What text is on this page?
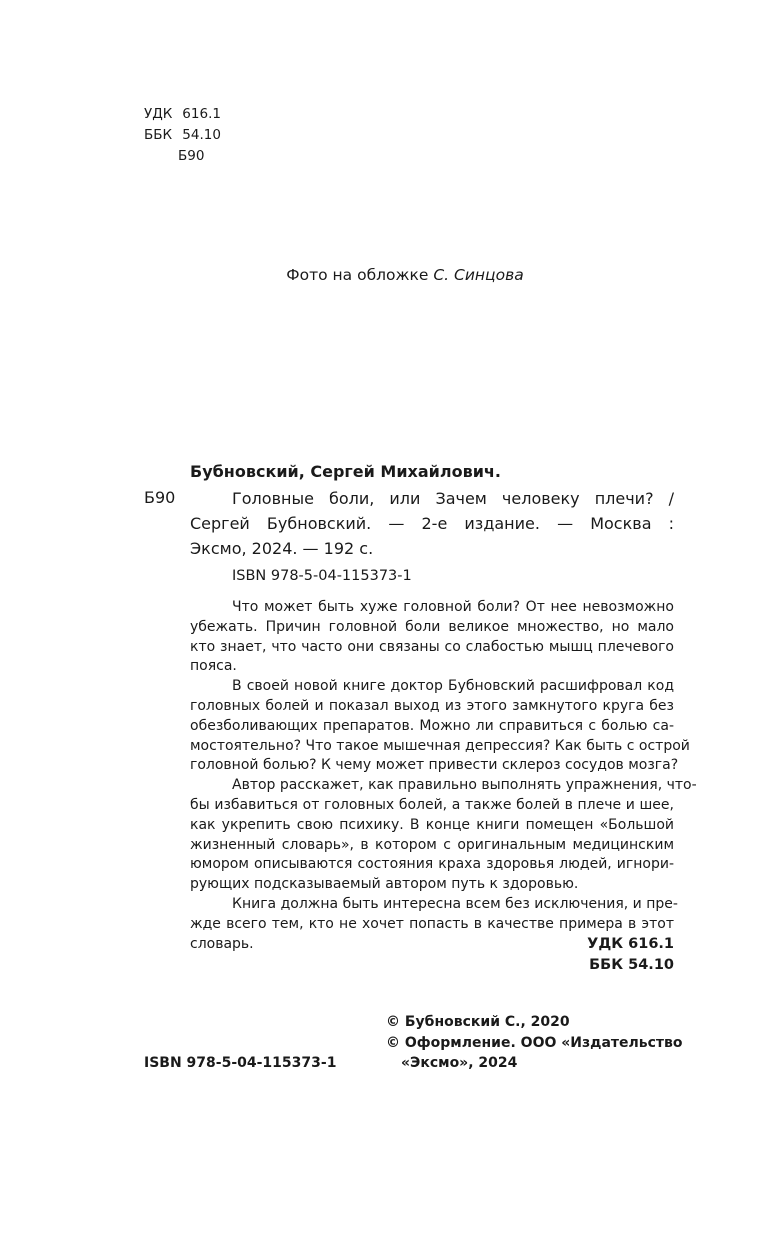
УДК 616.1
ББК 54.10
Б90
Фото на обложке С. Синцова
Бубновский, Сергей Михайлович.
Б90	Головные боли, или Зачем человеку плечи? /
Сергей Бубновский. — 2-е издание. — Москва :
Эксмо, 2024. — 192 с.
ISBN 978-5-04-115373-1
Что может быть хуже головной боли? От нее невозможно
убежать. Причин головной боли великое множество, но мало
кто знает, что часто они связаны со слабостью мышц плечевого
пояса.
В своей новой книге доктор Бубновский расшифровал код
головных болей и показал выход из этого замкнутого круга без
обезболивающих препаратов. Можно ли справиться с болью са-
мостоятельно? Что такое мышечная депрессия? Как быть с острой
головной болью? К чему может привести склероз сосудов мозга?
Автор расскажет, как правильно выполнять упражнения, что-
бы избавиться от головных болей, а также болей в плече и шее,
как укрепить свою психику. В конце книги помещен «Большой
жизненный словарь», в котором с оригинальным медицинским
юмором описываются состояния краха здоровья людей, игнори-
рующих подсказываемый автором путь к здоровью.
Книга должна быть интересна всем без исключения, и пре-
жде всего тем, кто не хочет попасть в качестве примера в этот
словарь.	УДК 616.1
ББК 54.10
© Бубновский С., 2020
© Оформление. ООО «Издательство
«Эксмо», 2024
ISBN 978-5-04-115373-1
